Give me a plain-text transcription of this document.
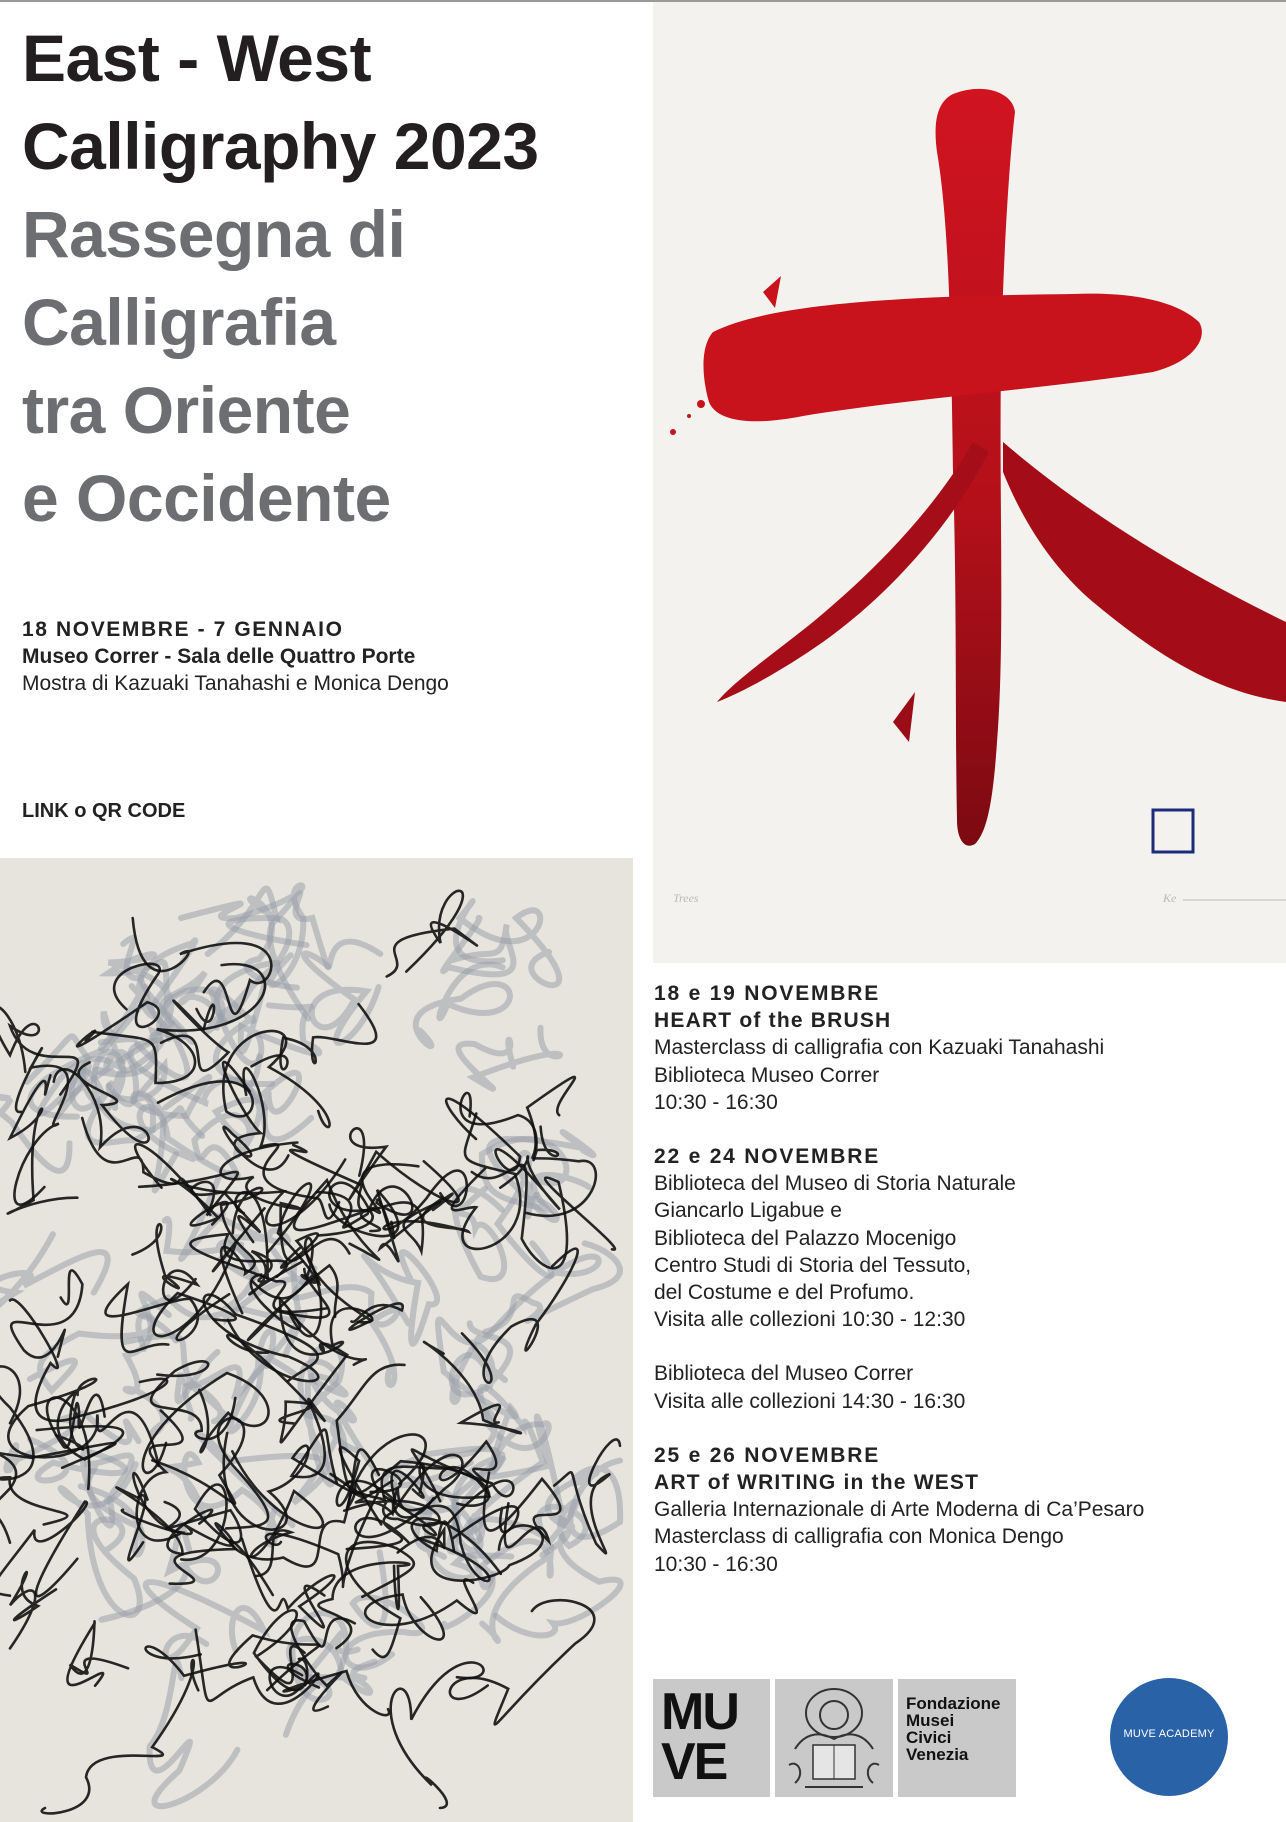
East - West
Calligraphy 2023
Rassegna di
Calligrafia
tra Oriente
e Occidente
18 NOVEMBRE - 7 GENNAIO
Museo Correr - Sala delle Quattro Porte
Mostra di Kazuaki Tanahashi e Monica Dengo
LINK o QR CODE
Trees	Ke
18 e 19 NOVEMBRE
HEART of the BRUSH
Masterclass di calligrafia con Kazuaki Tanahashi
Biblioteca Museo Correr
10:30 - 16:30
22 e 24 NOVEMBRE
Biblioteca del Museo di Storia Naturale
Giancarlo Ligabue e
Biblioteca del Palazzo Mocenigo
Centro Studi di Storia del Tessuto,
del Costume e del Profumo.
Visita alle collezioni 10:30 - 12:30
Biblioteca del Museo Correr
Visita alle collezioni 14:30 - 16:30
25 e 26 NOVEMBRE
ART of WRITING in the WEST
Galleria Internazionale di Arte Moderna di Ca’Pesaro
Masterclass di calligrafia con Monica Dengo
10:30 - 16:30
MU
VE
Fondazione
Musei
Civici
Venezia
MUVE ACADEMY
